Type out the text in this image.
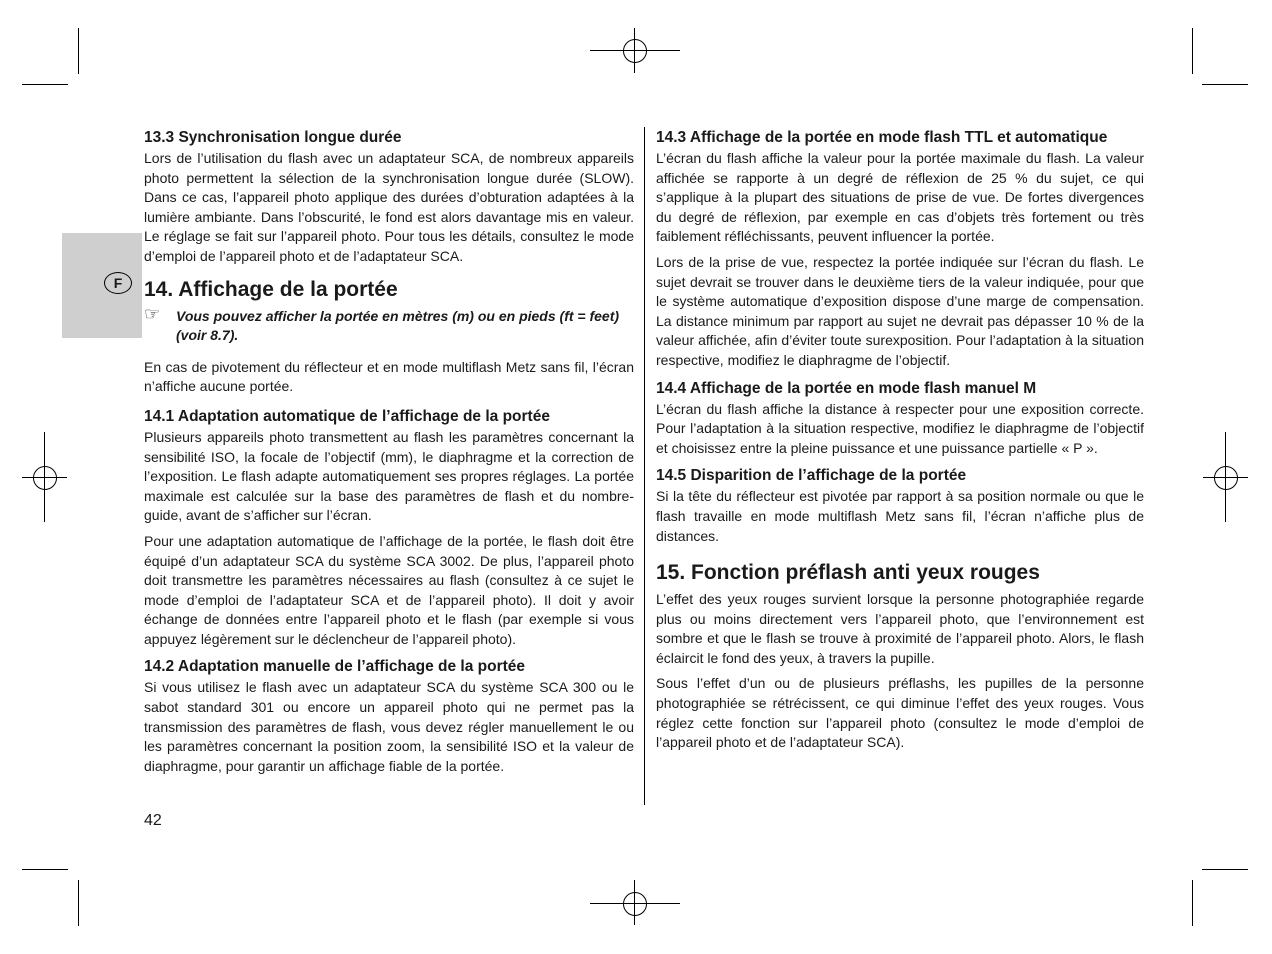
F
13.3 Synchronisation longue durée

Lors de l’utilisation du flash avec un adaptateur SCA, de nombreux appareils photo permettent la sélection de la synchronisation longue durée (SLOW). Dans ce cas, l’appareil photo applique des durées d’obturation adaptées à la lumière ambiante. Dans l’obscurité, le fond est alors davantage mis en valeur. Le réglage se fait sur l’appareil photo. Pour tous les détails, consultez le mode d’emploi de l’appareil photo et de l’adaptateur SCA.

14. Affichage de la portée
☞ Vous pouvez afficher la portée en mètres (m) ou en pieds (ft = feet) (voir 8.7).

En cas de pivotement du réflecteur et en mode multiflash Metz sans fil, l’écran n’affiche aucune portée.

14.1 Adaptation automatique de l’affichage de la portée

Plusieurs appareils photo transmettent au flash les paramètres concernant la sensibilité ISO, la focale de l’objectif (mm), le diaphragme et la correction de l’exposition. Le flash adapte automatiquement ses propres réglages. La portée maximale est calculée sur la base des paramètres de flash et du nombre-guide, avant de s’afficher sur l’écran.

Pour une adaptation automatique de l’affichage de la portée, le flash doit être équipé d’un adaptateur SCA du système SCA 3002. De plus, l’appareil photo doit transmettre les paramètres nécessaires au flash (consultez à ce sujet le mode d’emploi de l’adaptateur SCA et de l’appareil photo). Il doit y avoir échange de données entre l’appareil photo et le flash (par exemple si vous appuyez légèrement sur le déclencheur de l’appareil photo).

14.2 Adaptation manuelle de l’affichage de la portée

Si vous utilisez le flash avec un adaptateur SCA du système SCA 300 ou le sabot standard 301 ou encore un appareil photo qui ne permet pas la transmission des paramètres de flash, vous devez régler manuellement le ou les paramètres concernant la position zoom, la sensibilité ISO et la valeur de diaphragme, pour garantir un affichage fiable de la portée.

14.3 Affichage de la portée en mode flash TTL et automatique

L’écran du flash affiche la valeur pour la portée maximale du flash. La valeur affichée se rapporte à un degré de réflexion de 25 % du sujet, ce qui s’applique à la plupart des situations de prise de vue. De fortes divergences du degré de réflexion, par exemple en cas d’objets très fortement ou très faiblement réfléchissants, peuvent influencer la portée.

Lors de la prise de vue, respectez la portée indiquée sur l’écran du flash. Le sujet devrait se trouver dans le deuxième tiers de la valeur indiquée, pour que le système automatique d’exposition dispose d’une marge de compensation. La distance minimum par rapport au sujet ne devrait pas dépasser 10 % de la valeur affichée, afin d’éviter toute surexposition. Pour l’adaptation à la situation respective, modifiez le diaphragme de l’objectif.

14.4 Affichage de la portée en mode flash manuel M

L’écran du flash affiche la distance à respecter pour une exposition correcte. Pour l’adaptation à la situation respective, modifiez le diaphragme de l’objectif et choisissez entre la pleine puissance et une puissance partielle « P ».

14.5 Disparition de l’affichage de la portée

Si la tête du réflecteur est pivotée par rapport à sa position normale ou que le flash travaille en mode multiflash Metz sans fil, l’écran n’affiche plus de distances.

15. Fonction préflash anti yeux rouges

L’effet des yeux rouges survient lorsque la personne photographiée regarde plus ou moins directement vers l’appareil photo, que l’environnement est sombre et que le flash se trouve à proximité de l’appareil photo. Alors, le flash éclaircit le fond des yeux, à travers la pupille.

Sous l’effet d’un ou de plusieurs préflashs, les pupilles de la personne photographiée se rétrécissent, ce qui diminue l’effet des yeux rouges. Vous réglez cette fonction sur l’appareil photo (consultez le mode d’emploi de l’appareil photo et de l’adaptateur SCA).

42
